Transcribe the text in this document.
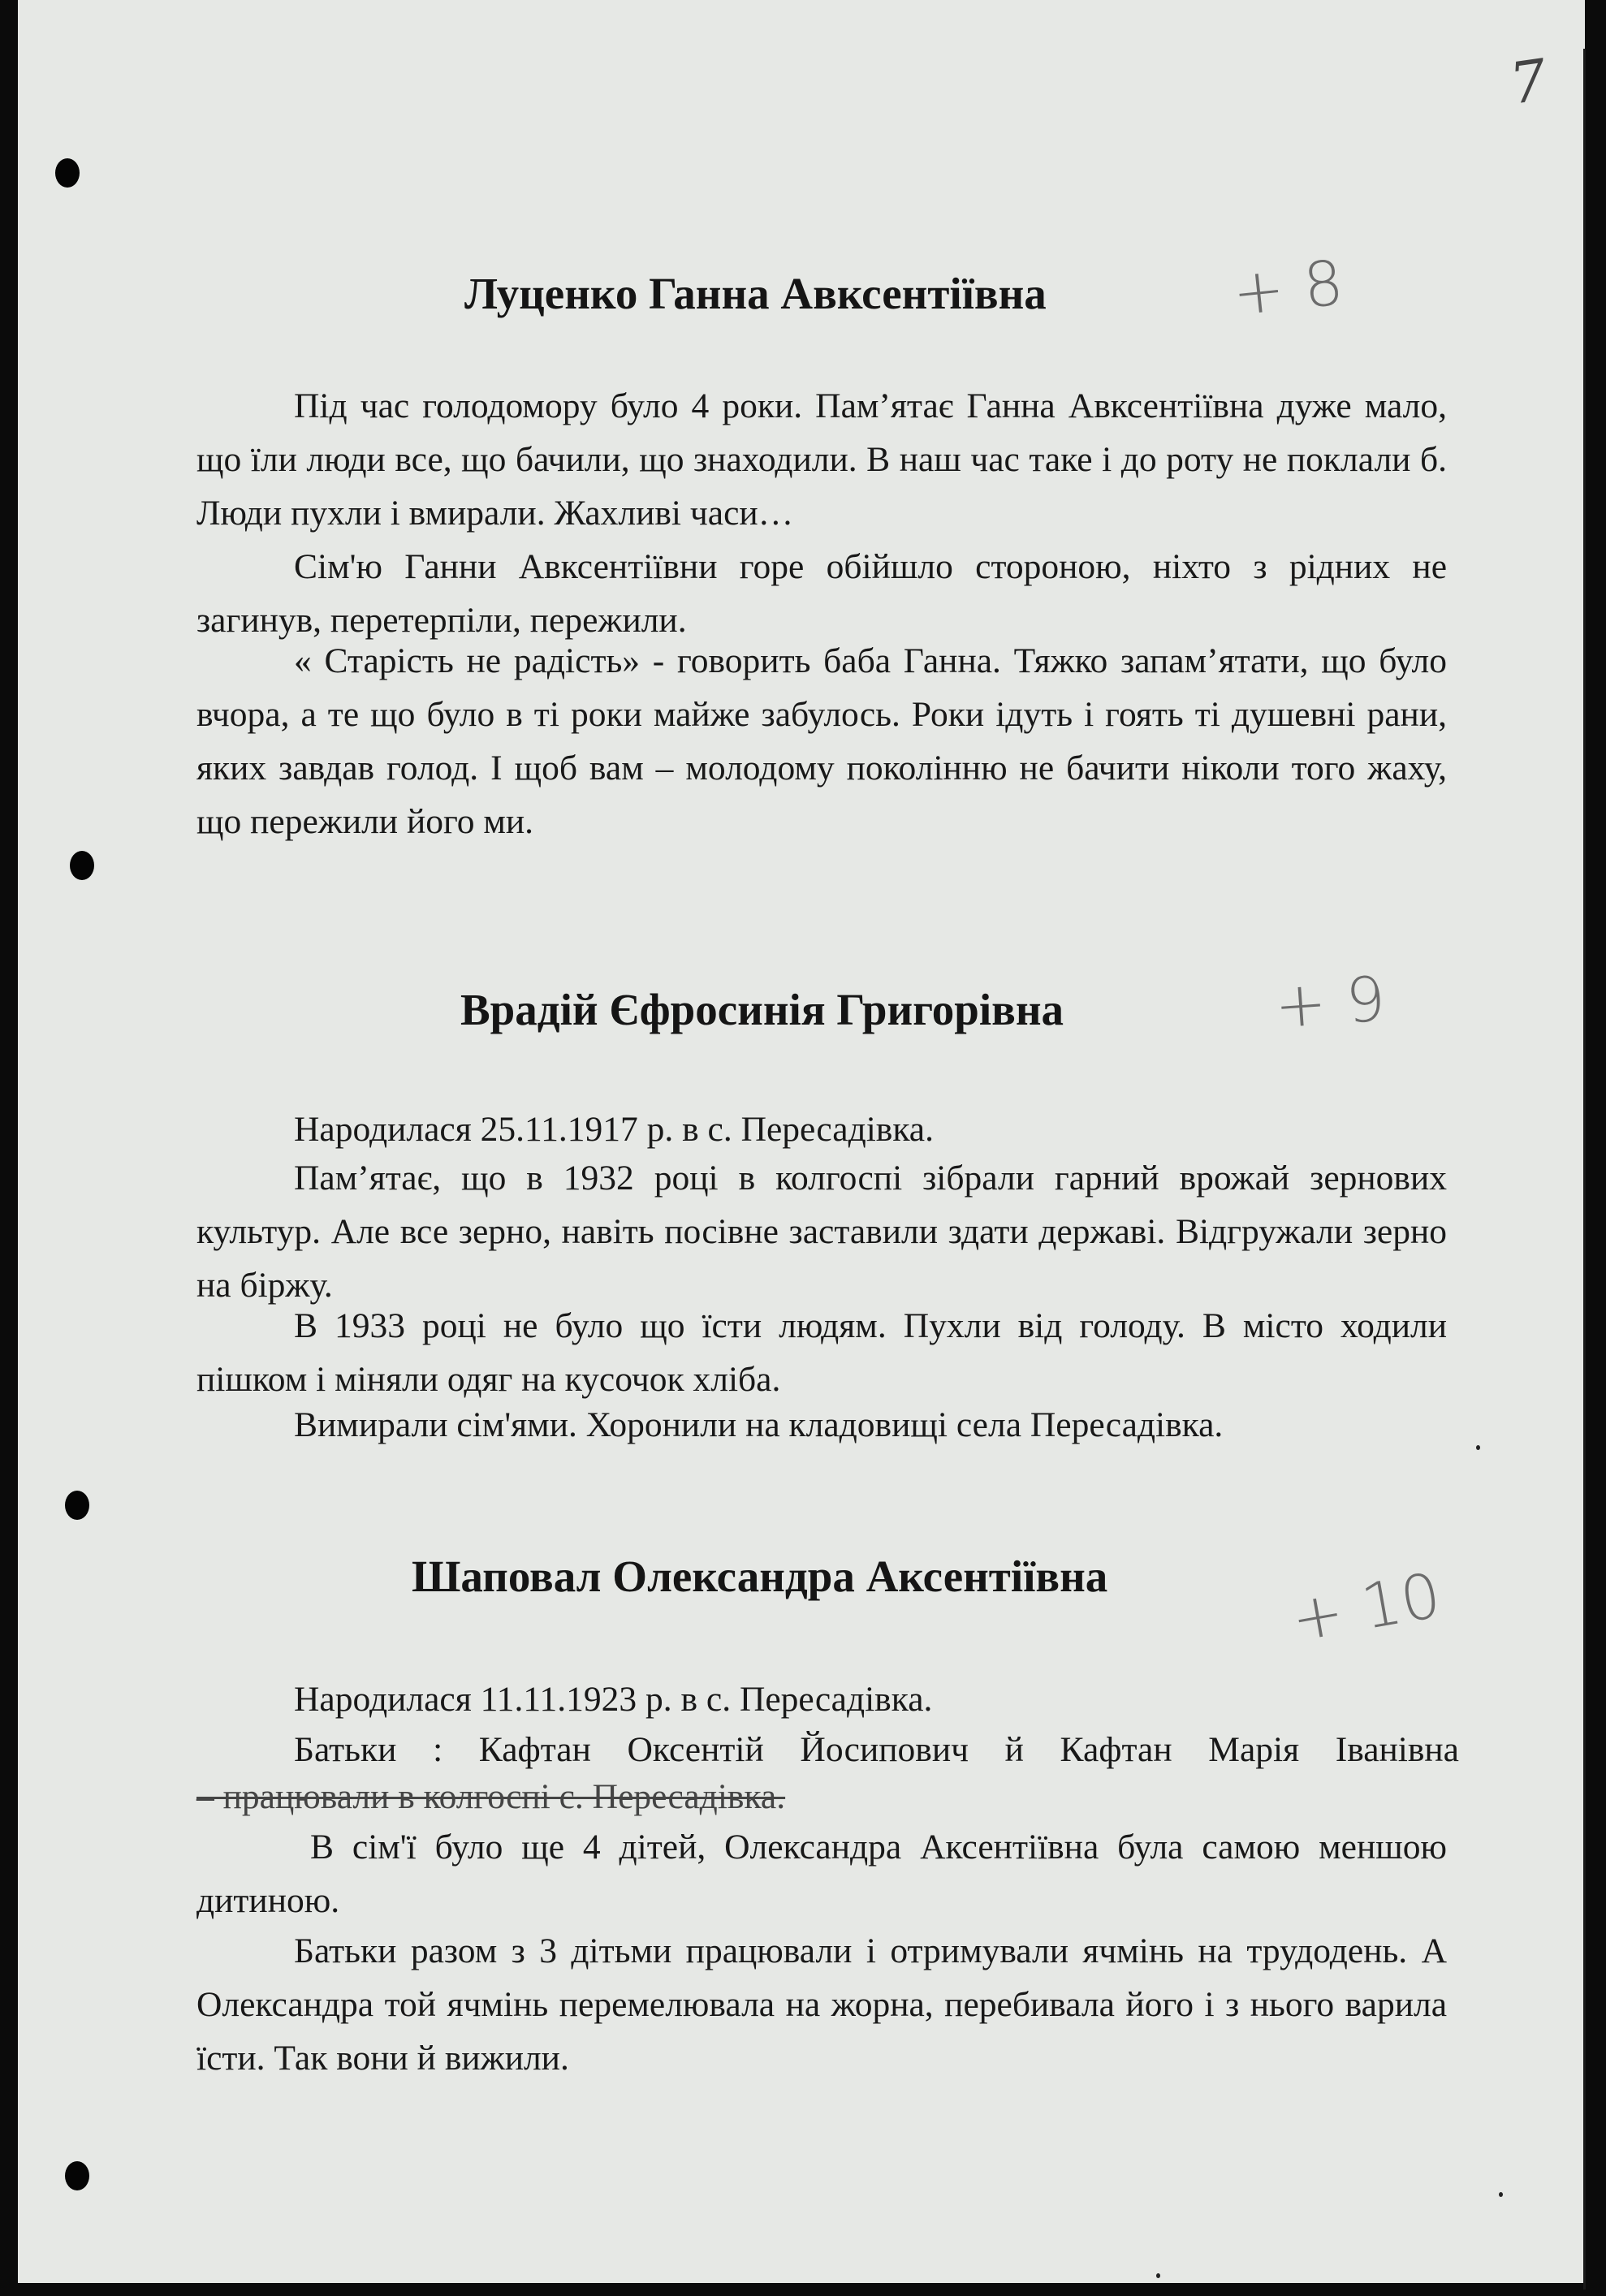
7
Луценко Ганна Авксентіївна	+ 8

Під час голодомору було 4 роки. Пам’ятає Ганна Авксентіївна дуже мало, що їли люди все, що бачили, що знаходили. В наш час таке і до роту не поклали б. Люди пухли і вмирали. Жахливі часи…

Сім'ю Ганни Авксентіївни горе обійшло стороною, ніхто з рідних не загинув, перетерпіли, пережили.

« Старість не радість» - говорить баба Ганна. Тяжко запам’ятати, що було вчора, а те що було в ті роки майже забулось. Роки ідуть і гоять ті душевні рани, яких завдав голод. І щоб вам – молодому поколінню не бачити ніколи того жаху, що пережили його ми.

Врадій Єфросинія Григорівна	+ 9

Народилася 25.11.1917 р. в с. Пересадівка.

Пам’ятає, що в 1932 році в колгоспі зібрали гарний врожай зернових культур. Але все зерно, навіть посівне заставили здати державі. Відгружали зерно на біржу.

В 1933 році не було що їсти людям. Пухли від голоду. В місто ходили пішком і міняли одяг на кусочок хліба.

Вимирали сім'ями. Хоронили на кладовищі села Пересадівка.

Шаповал Олександра Аксентіївна	+ 10

Народилася 11.11.1923 р. в с. Пересадівка.

Батьки : Кафтан Оксентій Йосипович й Кафтан Марія Іванівна

– працювали в колгоспі с. Пересадівка.

В сім'ї було ще 4 дітей, Олександра Аксентіївна була самою меншою дитиною.

Батьки разом з 3 дітьми працювали і отримували ячмінь на трудодень. А Олександра той ячмінь перемелювала на жорна, перебивала його і з нього варила їсти. Так вони й вижили.
